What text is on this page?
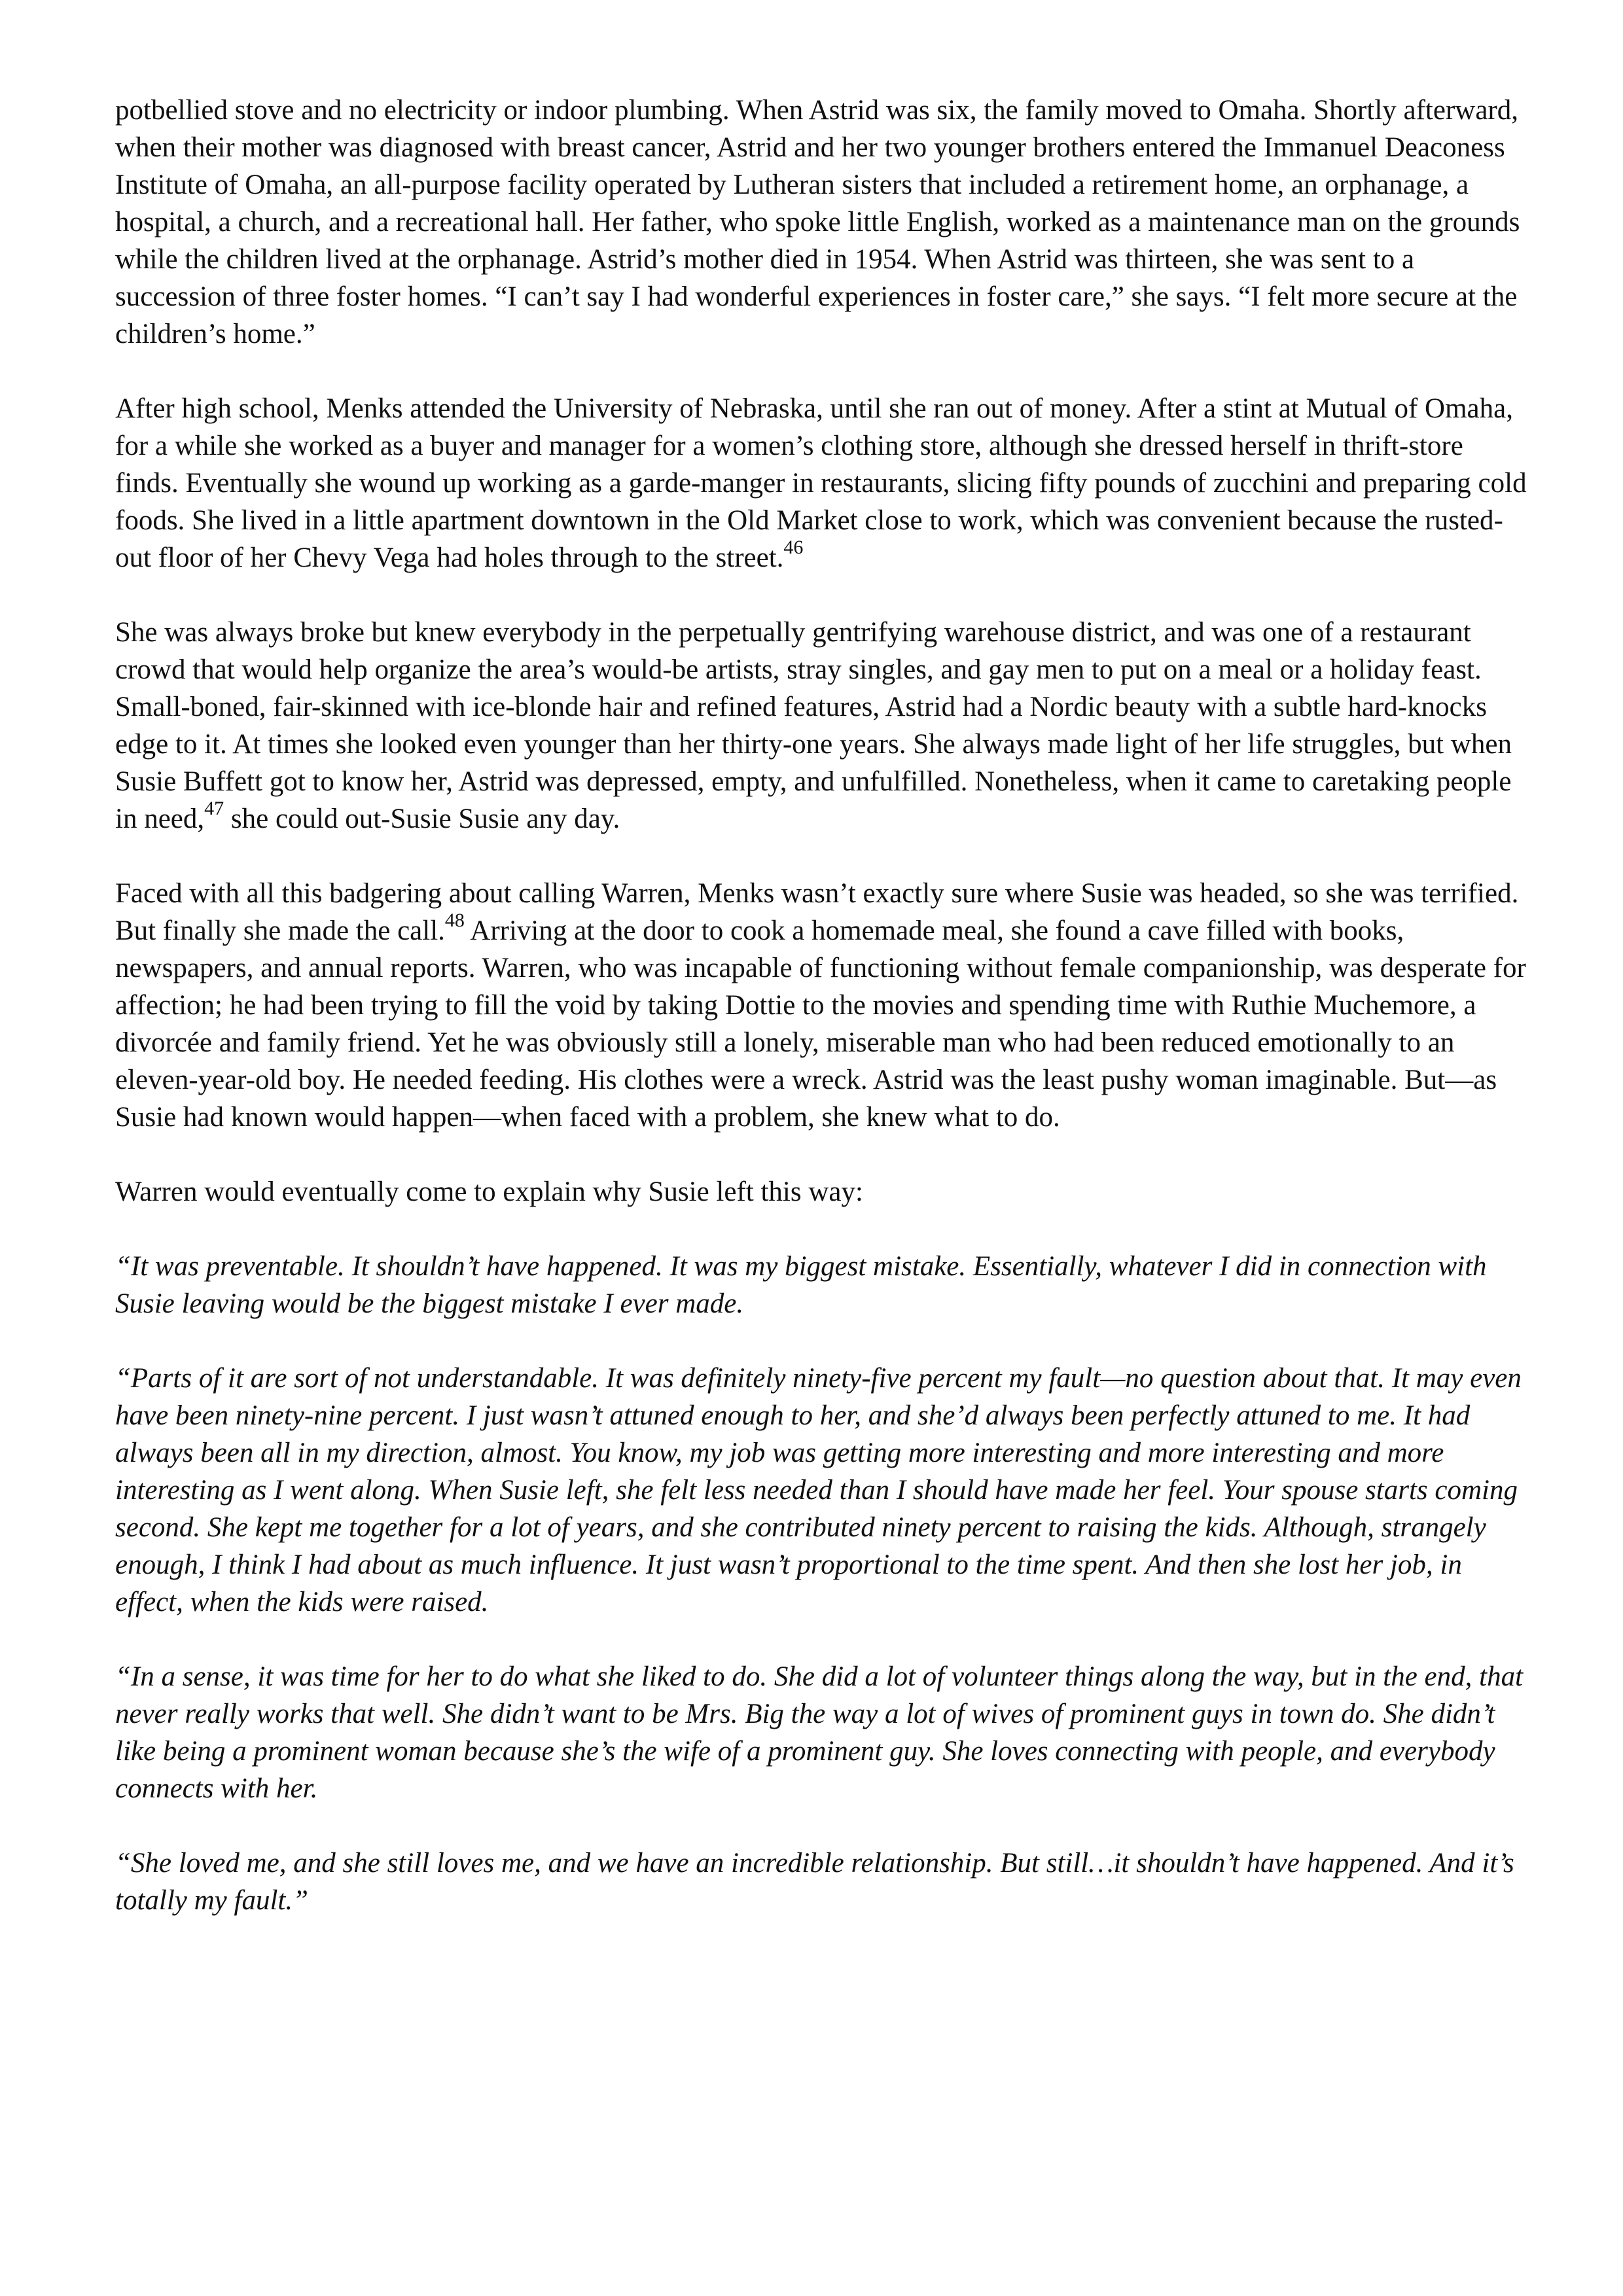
potbellied stove and no electricity or indoor plumbing. When Astrid was six, the family moved to Omaha. Shortly afterward, when their mother was diagnosed with breast cancer, Astrid and her two younger brothers entered the Immanuel Deaconess Institute of Omaha, an all-purpose facility operated by Lutheran sisters that included a retirement home, an orphanage, a hospital, a church, and a recreational hall. Her father, who spoke little English, worked as a maintenance man on the grounds while the children lived at the orphanage. Astrid’s mother died in 1954. When Astrid was thirteen, she was sent to a succession of three foster homes. “I can’t say I had wonderful experiences in foster care,” she says. “I felt more secure at the children’s home.”

After high school, Menks attended the University of Nebraska, until she ran out of money. After a stint at Mutual of Omaha, for a while she worked as a buyer and manager for a women’s clothing store, although she dressed herself in thrift-store finds. Eventually she wound up working as a garde-manger in restaurants, slicing fifty pounds of zucchini and preparing cold foods. She lived in a little apartment downtown in the Old Market close to work, which was convenient because the rusted-out floor of her Chevy Vega had holes through to the street.$^{46}$

She was always broke but knew everybody in the perpetually gentrifying warehouse district, and was one of a restaurant crowd that would help organize the area’s would-be artists, stray singles, and gay men to put on a meal or a holiday feast. Small-boned, fair-skinned with ice-blonde hair and refined features, Astrid had a Nordic beauty with a subtle hard-knocks edge to it. At times she looked even younger than her thirty-one years. She always made light of her life struggles, but when Susie Buffett got to know her, Astrid was depressed, empty, and unfulfilled. Nonetheless, when it came to caretaking people in need,$^{47}$ she could out-Susie Susie any day.

Faced with all this badgering about calling Warren, Menks wasn’t exactly sure where Susie was headed, so she was terrified. But finally she made the call.$^{48}$ Arriving at the door to cook a homemade meal, she found a cave filled with books, newspapers, and annual reports. Warren, who was incapable of functioning without female companionship, was desperate for affection; he had been trying to fill the void by taking Dottie to the movies and spending time with Ruthie Muchemore, a divorcée and family friend. Yet he was obviously still a lonely, miserable man who had been reduced emotionally to an eleven-year-old boy. He needed feeding. His clothes were a wreck. Astrid was the least pushy woman imaginable. But—as Susie had known would happen—when faced with a problem, she knew what to do.

Warren would eventually come to explain why Susie left this way:

“It was preventable. It shouldn’t have happened. It was my biggest mistake. Essentially, whatever I did in connection with Susie leaving would be the biggest mistake I ever made.

“Parts of it are sort of not understandable. It was definitely ninety-five percent my fault—no question about that. It may even have been ninety-nine percent. I just wasn’t attuned enough to her, and she’d always been perfectly attuned to me. It had always been all in my direction, almost. You know, my job was getting more interesting and more interesting and more interesting as I went along. When Susie left, she felt less needed than I should have made her feel. Your spouse starts coming second. She kept me together for a lot of years, and she contributed ninety percent to raising the kids. Although, strangely enough, I think I had about as much influence. It just wasn’t proportional to the time spent. And then she lost her job, in effect, when the kids were raised.

“In a sense, it was time for her to do what she liked to do. She did a lot of volunteer things along the way, but in the end, that never really works that well. She didn’t want to be Mrs. Big the way a lot of wives of prominent guys in town do. She didn’t like being a prominent woman because she’s the wife of a prominent guy. She loves connecting with people, and everybody connects with her.

“She loved me, and she still loves me, and we have an incredible relationship. But still…it shouldn’t have happened. And it’s totally my fault.”
